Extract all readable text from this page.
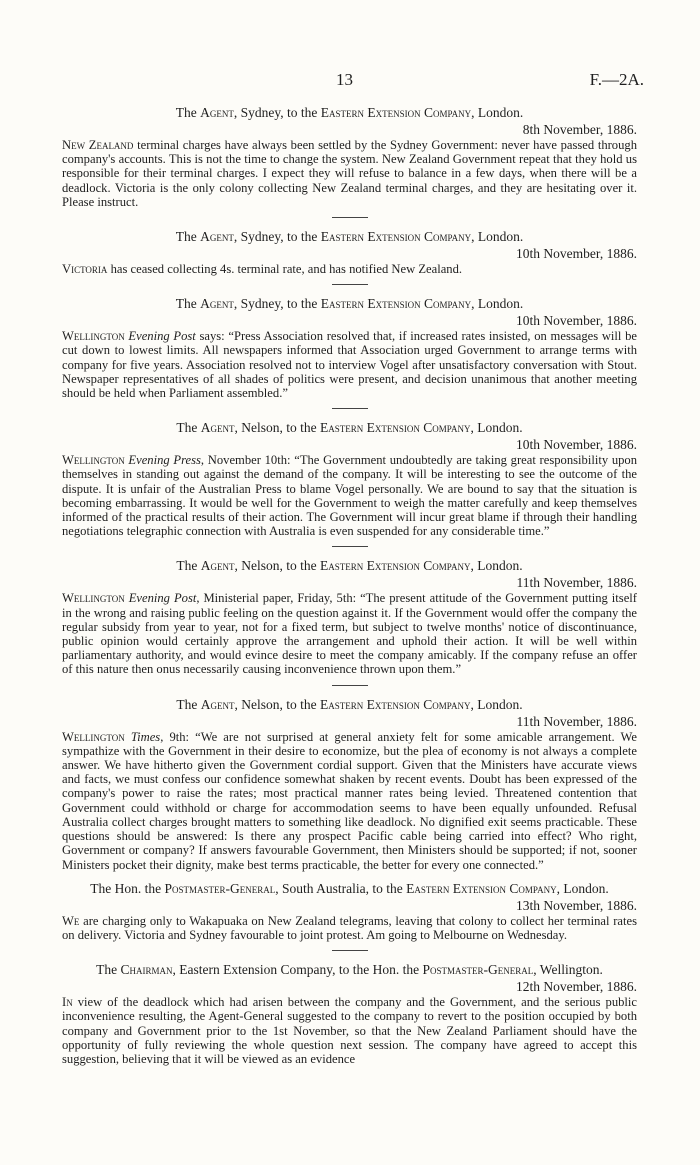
13	F.—2A.

The Agent, Sydney, to the Eastern Extension Company, London.

8th November, 1886.

New Zealand terminal charges have always been settled by the Sydney Government: never have passed through company's accounts. This is not the time to change the system. New Zealand Government repeat that they hold us responsible for their terminal charges. I expect they will refuse to balance in a few days, when there will be a deadlock. Victoria is the only colony collecting New Zealand terminal charges, and they are hesitating over it. Please instruct.

The Agent, Sydney, to the Eastern Extension Company, London.

10th November, 1886.

Victoria has ceased collecting 4s. terminal rate, and has notified New Zealand.

The Agent, Sydney, to the Eastern Extension Company, London.

10th November, 1886.

Wellington Evening Post says: “Press Association resolved that, if increased rates insisted, on messages will be cut down to lowest limits. All newspapers informed that Association urged Government to arrange terms with company for five years. Association resolved not to interview Vogel after unsatisfactory conversation with Stout. Newspaper representatives of all shades of politics were present, and decision unanimous that another meeting should be held when Parliament assembled.”

The Agent, Nelson, to the Eastern Extension Company, London.

10th November, 1886.

Wellington Evening Press, November 10th: “The Government undoubtedly are taking great responsibility upon themselves in standing out against the demand of the company. It will be interesting to see the outcome of the dispute. It is unfair of the Australian Press to blame Vogel personally. We are bound to say that the situation is becoming embarrassing. It would be well for the Government to weigh the matter carefully and keep themselves informed of the practical results of their action. The Government will incur great blame if through their handling negotiations telegraphic connection with Australia is even suspended for any considerable time.”

The Agent, Nelson, to the Eastern Extension Company, London.

11th November, 1886.

Wellington Evening Post, Ministerial paper, Friday, 5th: “The present attitude of the Government putting itself in the wrong and raising public feeling on the question against it. If the Government would offer the company the regular subsidy from year to year, not for a fixed term, but subject to twelve months' notice of discontinuance, public opinion would certainly approve the arrangement and uphold their action. It will be well within parliamentary authority, and would evince desire to meet the company amicably. If the company refuse an offer of this nature then onus necessarily causing inconvenience thrown upon them.”

The Agent, Nelson, to the Eastern Extension Company, London.

11th November, 1886.

Wellington Times, 9th: “We are not surprised at general anxiety felt for some amicable arrangement. We sympathize with the Government in their desire to economize, but the plea of economy is not always a complete answer. We have hitherto given the Government cordial support. Given that the Ministers have accurate views and facts, we must confess our confidence somewhat shaken by recent events. Doubt has been expressed of the company's power to raise the rates; most practical manner rates being levied. Threatened contention that Government could withhold or charge for accommodation seems to have been equally unfounded. Refusal Australia collect charges brought matters to something like deadlock. No dignified exit seems practicable. These questions should be answered: Is there any prospect Pacific cable being carried into effect? Who right, Government or company? If answers favourable Government, then Ministers should be supported; if not, sooner Ministers pocket their dignity, make best terms practicable, the better for every one connected.”

The Hon. the Postmaster-General, South Australia, to the Eastern Extension Company, London.

13th November, 1886.

We are charging only to Wakapuaka on New Zealand telegrams, leaving that colony to collect her terminal rates on delivery. Victoria and Sydney favourable to joint protest. Am going to Melbourne on Wednesday.

The Chairman, Eastern Extension Company, to the Hon. the Postmaster-General, Wellington.

12th November, 1886.

In view of the deadlock which had arisen between the company and the Government, and the serious public inconvenience resulting, the Agent-General suggested to the company to revert to the position occupied by both company and Government prior to the 1st November, so that the New Zealand Parliament should have the opportunity of fully reviewing the whole question next session. The company have agreed to accept this suggestion, believing that it will be viewed as an evidence
